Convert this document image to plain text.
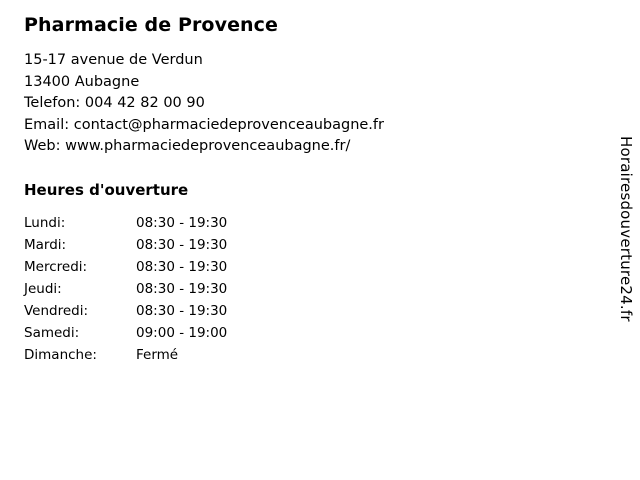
Pharmacie de Provence
15-17 avenue de Verdun
13400 Aubagne
Telefon: 004 42 82 00 90
Email: contact@pharmaciedeprovenceaubagne.fr
Web: www.pharmaciedeprovenceaubagne.fr/
Heures d'ouverture
Lundi:	08:30 - 19:30
Mardi:	08:30 - 19:30
Mercredi:	08:30 - 19:30
Jeudi:	08:30 - 19:30
Vendredi:	08:30 - 19:30
Samedi:	09:00 - 19:00
Dimanche:	Fermé
Horairesdouverture24.fr
